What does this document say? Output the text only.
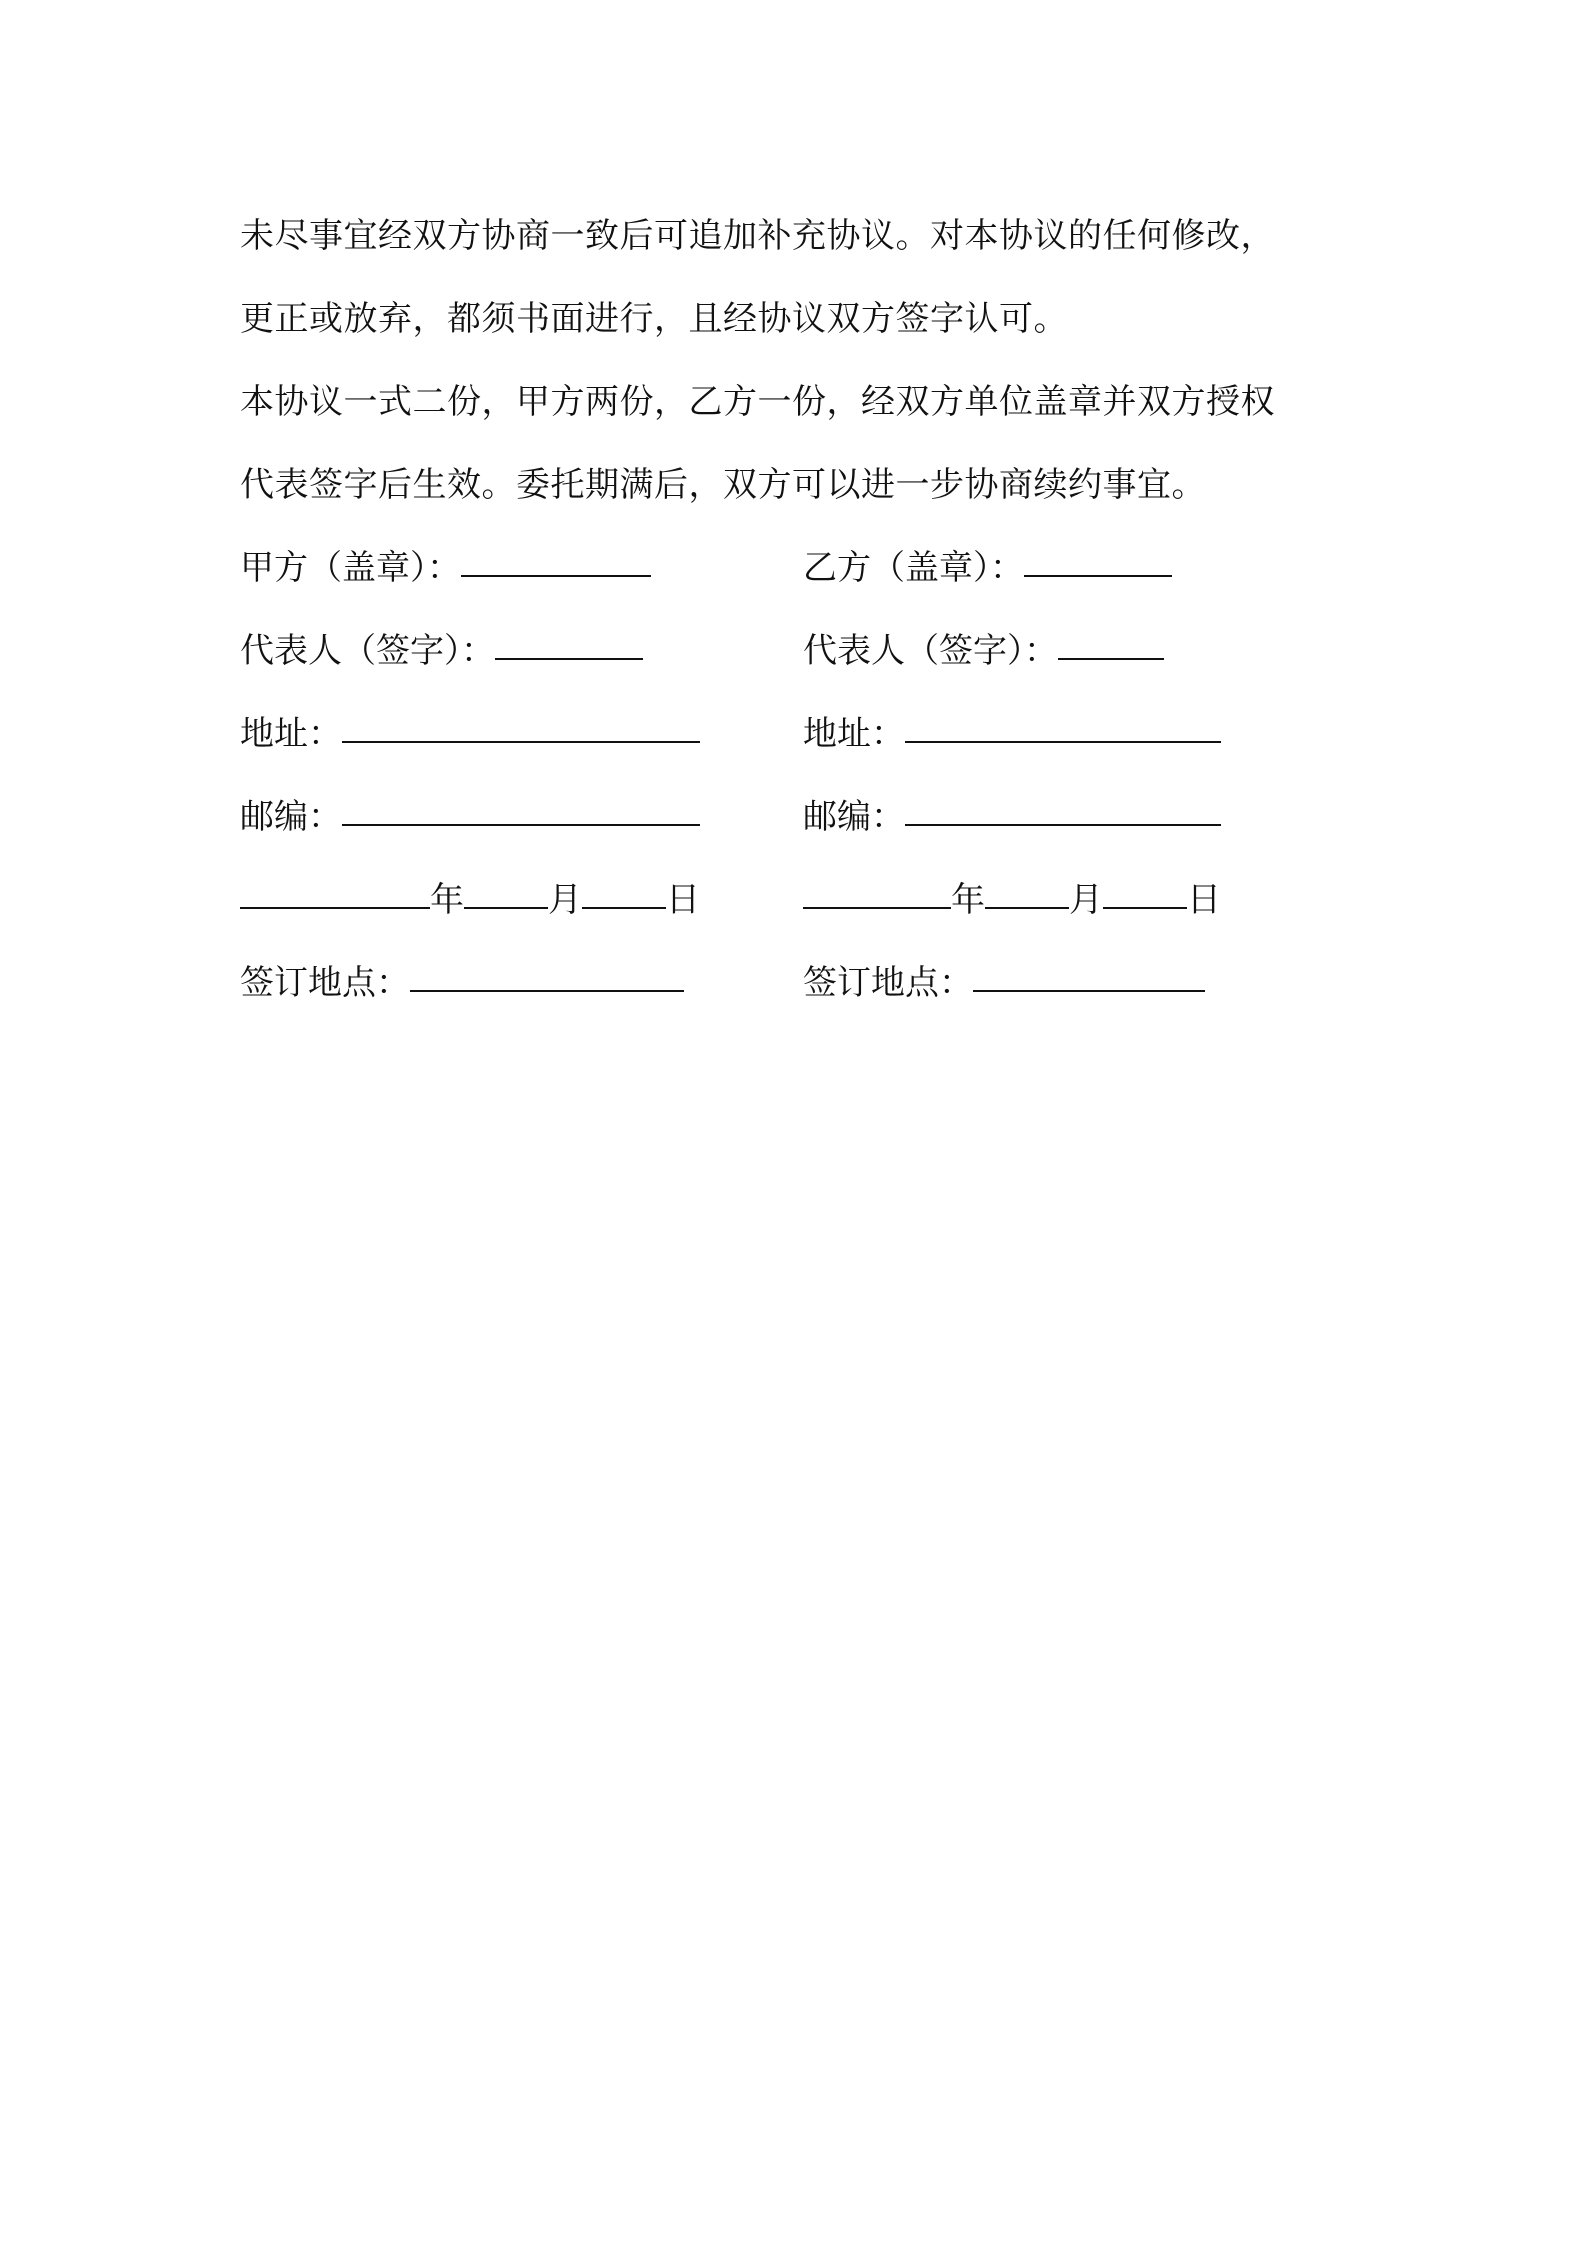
未尽事宜经双方协商一致后可追加补充协议。对本协议的任何修改，
更正或放弃，都须书面进行，且经协议双方签字认可。
本协议一式二份，甲方两份，乙方一份，经双方单位盖章并双方授权
代表签字后生效。委托期满后，双方可以进一步协商续约事宜。
甲方（盖章）：	乙方（盖章）：
代表人（签字）：	代表人（签字）：
地址：	地址：
邮编：	邮编：
年 月 日	年 月 日
签订地点：	签订地点：
